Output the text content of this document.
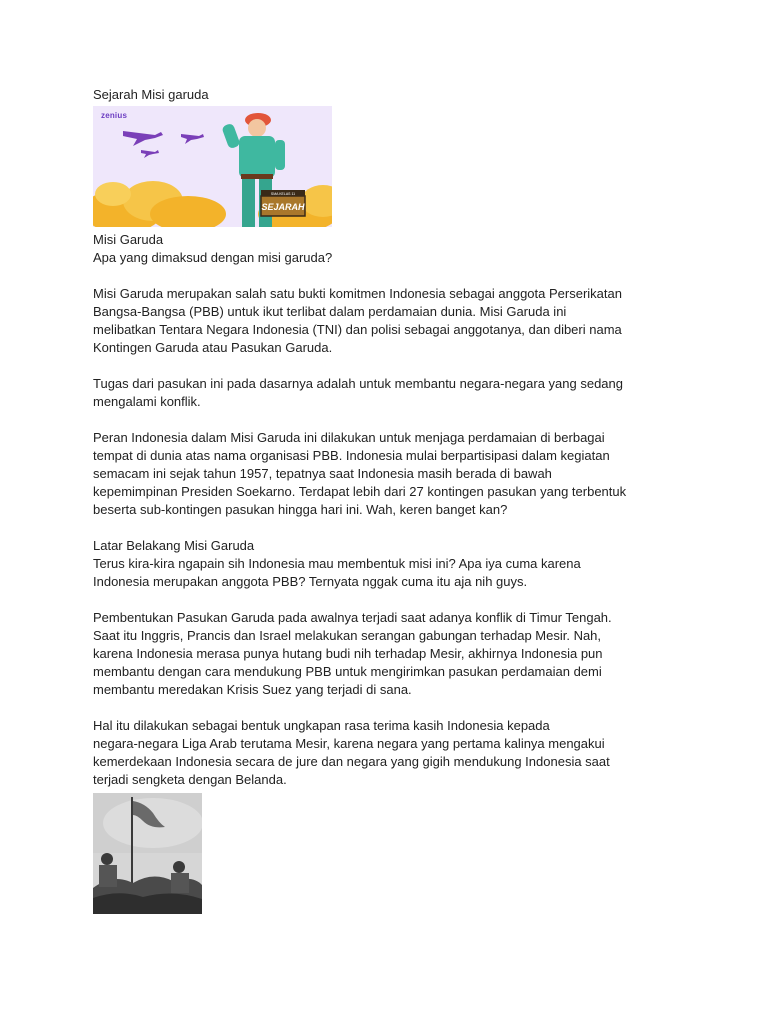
Sejarah Misi garuda
SMA KELAS 11
SEJARAH
zenius
Misi Garuda
Apa yang dimaksud dengan misi garuda?
Misi Garuda merupakan salah satu bukti komitmen Indonesia sebagai anggota Perserikatan
Bangsa-Bangsa (PBB) untuk ikut terlibat dalam perdamaian dunia. Misi Garuda ini
melibatkan Tentara Negara Indonesia (TNI) dan polisi sebagai anggotanya, dan diberi nama
Kontingen Garuda atau Pasukan Garuda.
Tugas dari pasukan ini pada dasarnya adalah untuk membantu negara-negara yang sedang
mengalami konflik.
Peran Indonesia dalam Misi Garuda ini dilakukan untuk menjaga perdamaian di berbagai
tempat di dunia atas nama organisasi PBB. Indonesia mulai berpartisipasi dalam kegiatan
semacam ini sejak tahun 1957, tepatnya saat Indonesia masih berada di bawah
kepemimpinan Presiden Soekarno. Terdapat lebih dari 27 kontingen pasukan yang terbentuk
beserta sub-kontingen pasukan hingga hari ini. Wah, keren banget kan?
Latar Belakang Misi Garuda
Terus kira-kira ngapain sih Indonesia mau membentuk misi ini? Apa iya cuma karena
Indonesia merupakan anggota PBB? Ternyata nggak cuma itu aja nih guys.
Pembentukan Pasukan Garuda pada awalnya terjadi saat adanya konflik di Timur Tengah.
Saat itu Inggris, Prancis dan Israel melakukan serangan gabungan terhadap Mesir. Nah,
karena Indonesia merasa punya hutang budi nih terhadap Mesir, akhirnya Indonesia pun
membantu dengan cara mendukung PBB untuk mengirimkan pasukan perdamaian demi
membantu meredakan Krisis Suez yang terjadi di sana.
Hal itu dilakukan sebagai bentuk ungkapan rasa terima kasih Indonesia kepada
negara-negara Liga Arab terutama Mesir, karena negara yang pertama kalinya mengakui
kemerdekaan Indonesia secara de jure dan negara yang gigih mendukung Indonesia saat
terjadi sengketa dengan Belanda.
